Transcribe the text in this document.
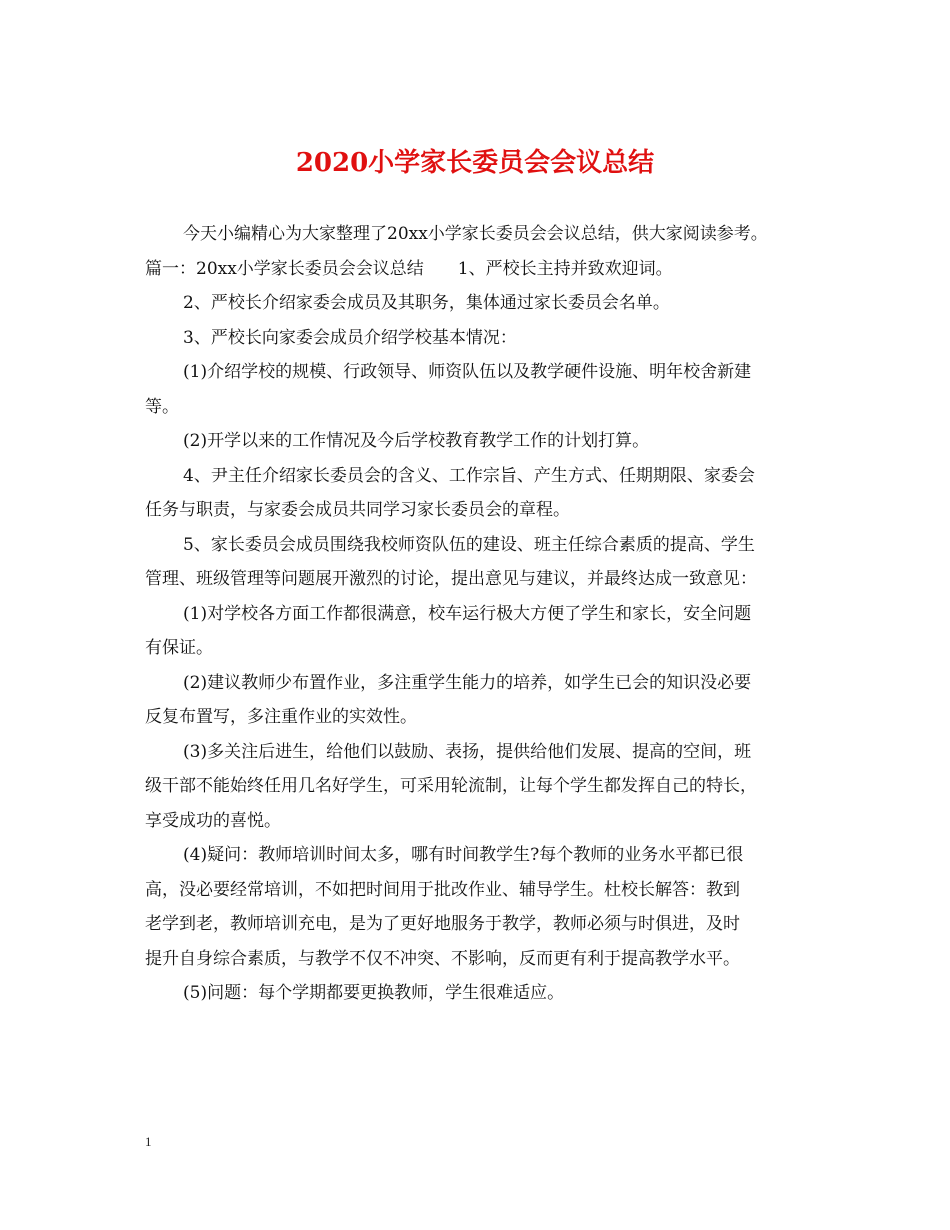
2020小学家长委员会会议总结
今天小编精心为大家整理了20xx小学家长委员会会议总结，供大家阅读参考。
篇一：20xx小学家长委员会会议总结　　1、严校长主持并致欢迎词。
2、严校长介绍家委会成员及其职务，集体通过家长委员会名单。
3、严校长向家委会成员介绍学校基本情况：
(1)介绍学校的规模、行政领导、师资队伍以及教学硬件设施、明年校舍新建
等。
(2)开学以来的工作情况及今后学校教育教学工作的计划打算。
4、尹主任介绍家长委员会的含义、工作宗旨、产生方式、任期期限、家委会
任务与职责，与家委会成员共同学习家长委员会的章程。
5、家长委员会成员围绕我校师资队伍的建设、班主任综合素质的提高、学生
管理、班级管理等问题展开激烈的讨论，提出意见与建议，并最终达成一致意见：
(1)对学校各方面工作都很满意，校车运行极大方便了学生和家长，安全问题
有保证。
(2)建议教师少布置作业，多注重学生能力的培养，如学生已会的知识没必要
反复布置写，多注重作业的实效性。
(3)多关注后进生，给他们以鼓励、表扬，提供给他们发展、提高的空间，班
级干部不能始终任用几名好学生，可采用轮流制，让每个学生都发挥自己的特长，
享受成功的喜悦。
(4)疑问：教师培训时间太多，哪有时间教学生?每个教师的业务水平都已很
高，没必要经常培训，不如把时间用于批改作业、辅导学生。杜校长解答：教到
老学到老，教师培训充电，是为了更好地服务于教学，教师必须与时俱进，及时
提升自身综合素质，与教学不仅不冲突、不影响，反而更有利于提高教学水平。
(5)问题：每个学期都要更换教师，学生很难适应。
1
